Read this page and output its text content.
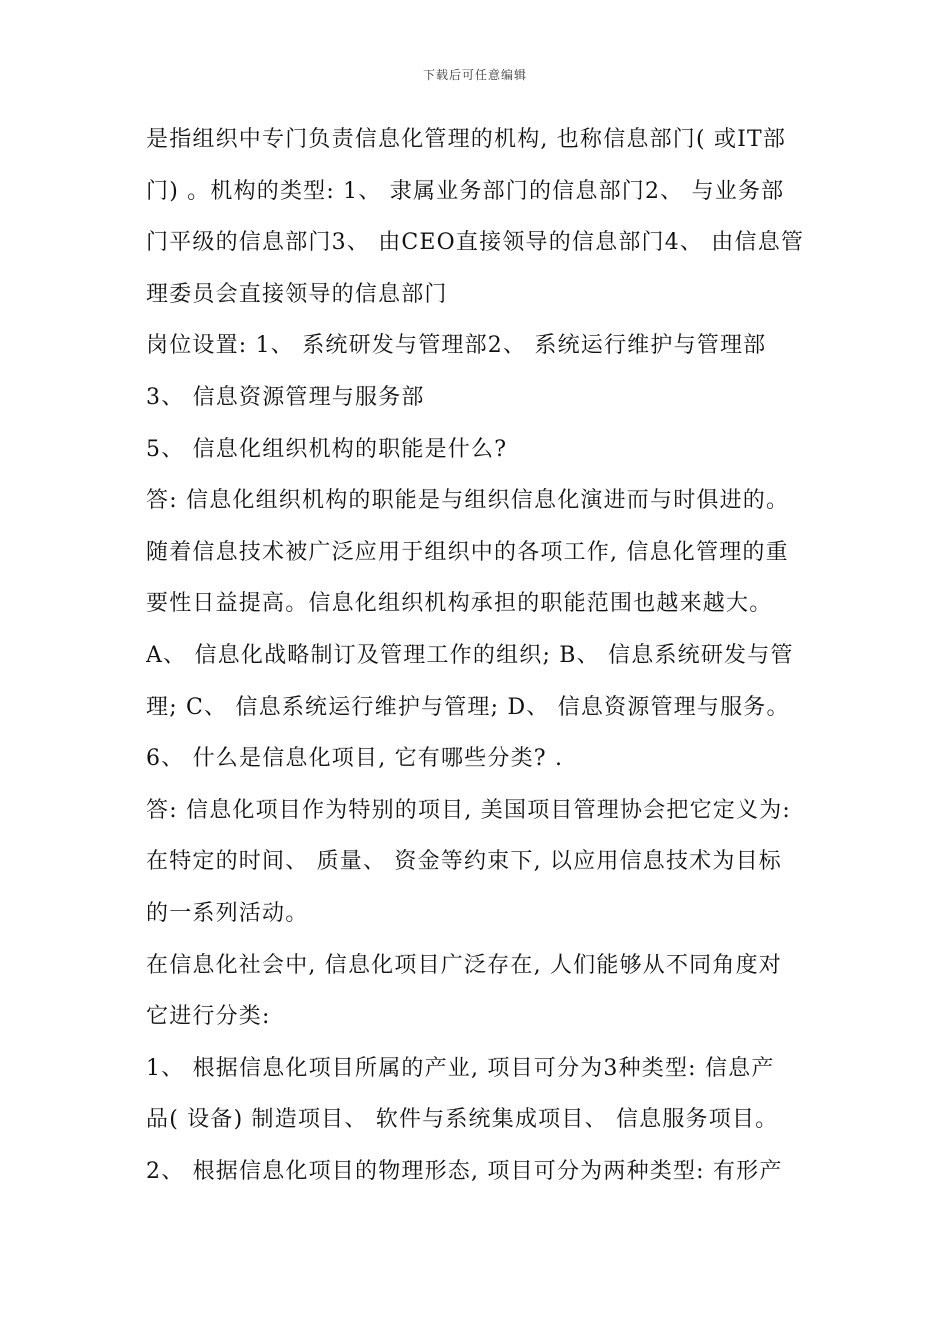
下载后可任意编辑
是指组织中专门负责信息化管理的机构, 也称信息部门( 或IT部
门) 。机构的类型: 1、 隶属业务部门的信息部门2、 与业务部
门平级的信息部门3、 由CEO直接领导的信息部门4、 由信息管
理委员会直接领导的信息部门
岗位设置: 1、 系统研发与管理部2、 系统运行维护与管理部
3、 信息资源管理与服务部
5、 信息化组织机构的职能是什么?
答: 信息化组织机构的职能是与组织信息化演进而与时俱进的。
随着信息技术被广泛应用于组织中的各项工作, 信息化管理的重
要性日益提高。信息化组织机构承担的职能范围也越来越大。
A、 信息化战略制订及管理工作的组织; B、 信息系统研发与管
理; C、 信息系统运行维护与管理; D、 信息资源管理与服务。
6、 什么是信息化项目, 它有哪些分类? .
答: 信息化项目作为特别的项目, 美国项目管理协会把它定义为:
在特定的时间、 质量、 资金等约束下, 以应用信息技术为目标
的一系列活动。
在信息化社会中, 信息化项目广泛存在, 人们能够从不同角度对
它进行分类:
1、 根据信息化项目所属的产业, 项目可分为3种类型: 信息产
品( 设备) 制造项目、 软件与系统集成项目、 信息服务项目。
2、 根据信息化项目的物理形态, 项目可分为两种类型: 有形产
